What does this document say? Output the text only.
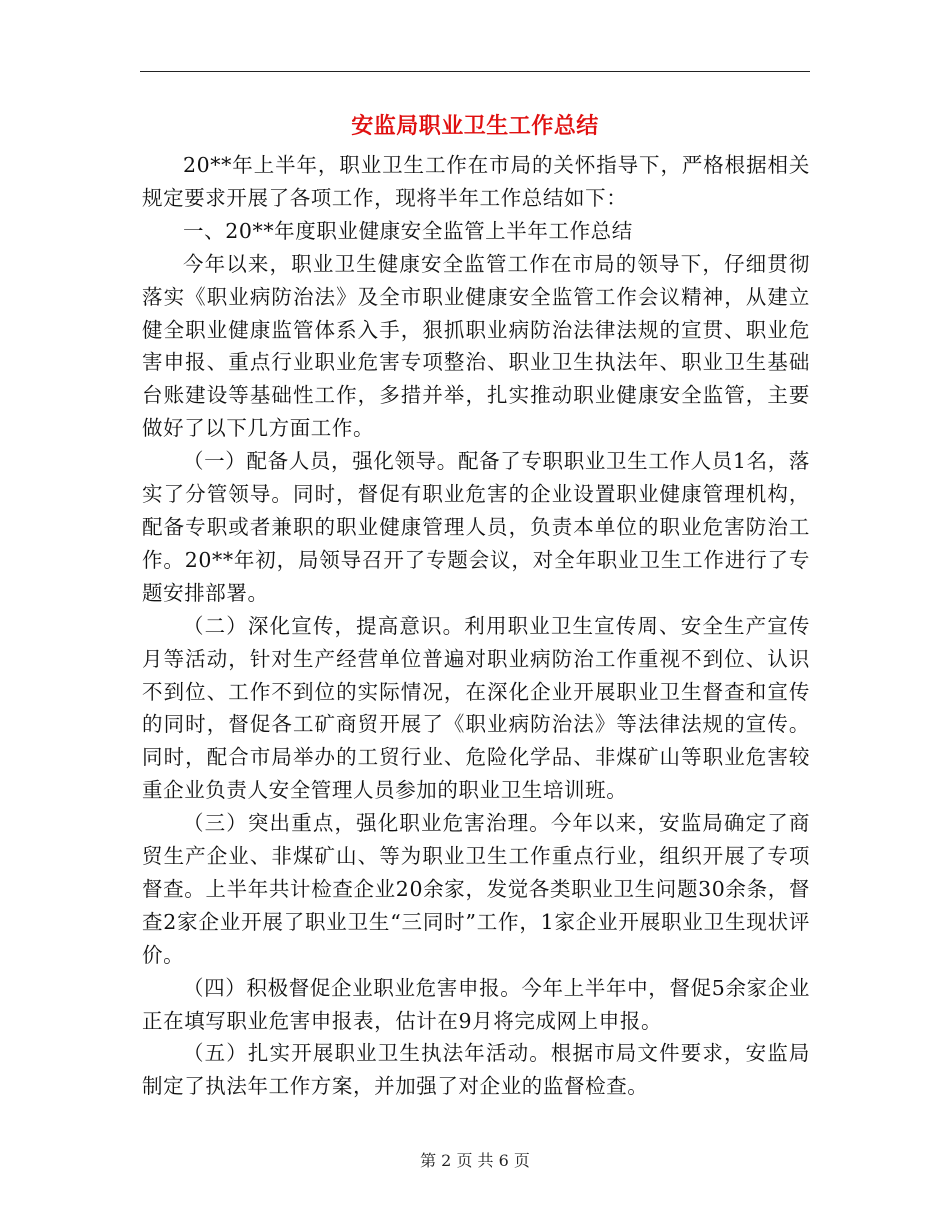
安监局职业卫生工作总结

20**年上半年，职业卫生工作在市局的关怀指导下，严格根据相关规定要求开展了各项工作，现将半年工作总结如下：

一、20**年度职业健康安全监管上半年工作总结

今年以来，职业卫生健康安全监管工作在市局的领导下，仔细贯彻落实《职业病防治法》及全市职业健康安全监管工作会议精神，从建立健全职业健康监管体系入手，狠抓职业病防治法律法规的宣贯、职业危害申报、重点行业职业危害专项整治、职业卫生执法年、职业卫生基础台账建设等基础性工作，多措并举，扎实推动职业健康安全监管，主要做好了以下几方面工作。

（一）配备人员，强化领导。配备了专职职业卫生工作人员1名，落实了分管领导。同时，督促有职业危害的企业设置职业健康管理机构，配备专职或者兼职的职业健康管理人员，负责本单位的职业危害防治工作。20**年初，局领导召开了专题会议，对全年职业卫生工作进行了专题安排部署。

（二）深化宣传，提高意识。利用职业卫生宣传周、安全生产宣传月等活动，针对生产经营单位普遍对职业病防治工作重视不到位、认识不到位、工作不到位的实际情况，在深化企业开展职业卫生督查和宣传的同时，督促各工矿商贸开展了《职业病防治法》等法律法规的宣传。同时，配合市局举办的工贸行业、危险化学品、非煤矿山等职业危害较重企业负责人安全管理人员参加的职业卫生培训班。

（三）突出重点，强化职业危害治理。今年以来，安监局确定了商贸生产企业、非煤矿山、等为职业卫生工作重点行业，组织开展了专项督查。上半年共计检查企业20余家，发觉各类职业卫生问题30余条，督查2家企业开展了职业卫生“三同时”工作，1家企业开展职业卫生现状评价。

（四）积极督促企业职业危害申报。今年上半年中，督促5余家企业正在填写职业危害申报表，估计在9月将完成网上申报。

（五）扎实开展职业卫生执法年活动。根据市局文件要求，安监局制定了执法年工作方案，并加强了对企业的监督检查。

第 2 页 共 6 页
